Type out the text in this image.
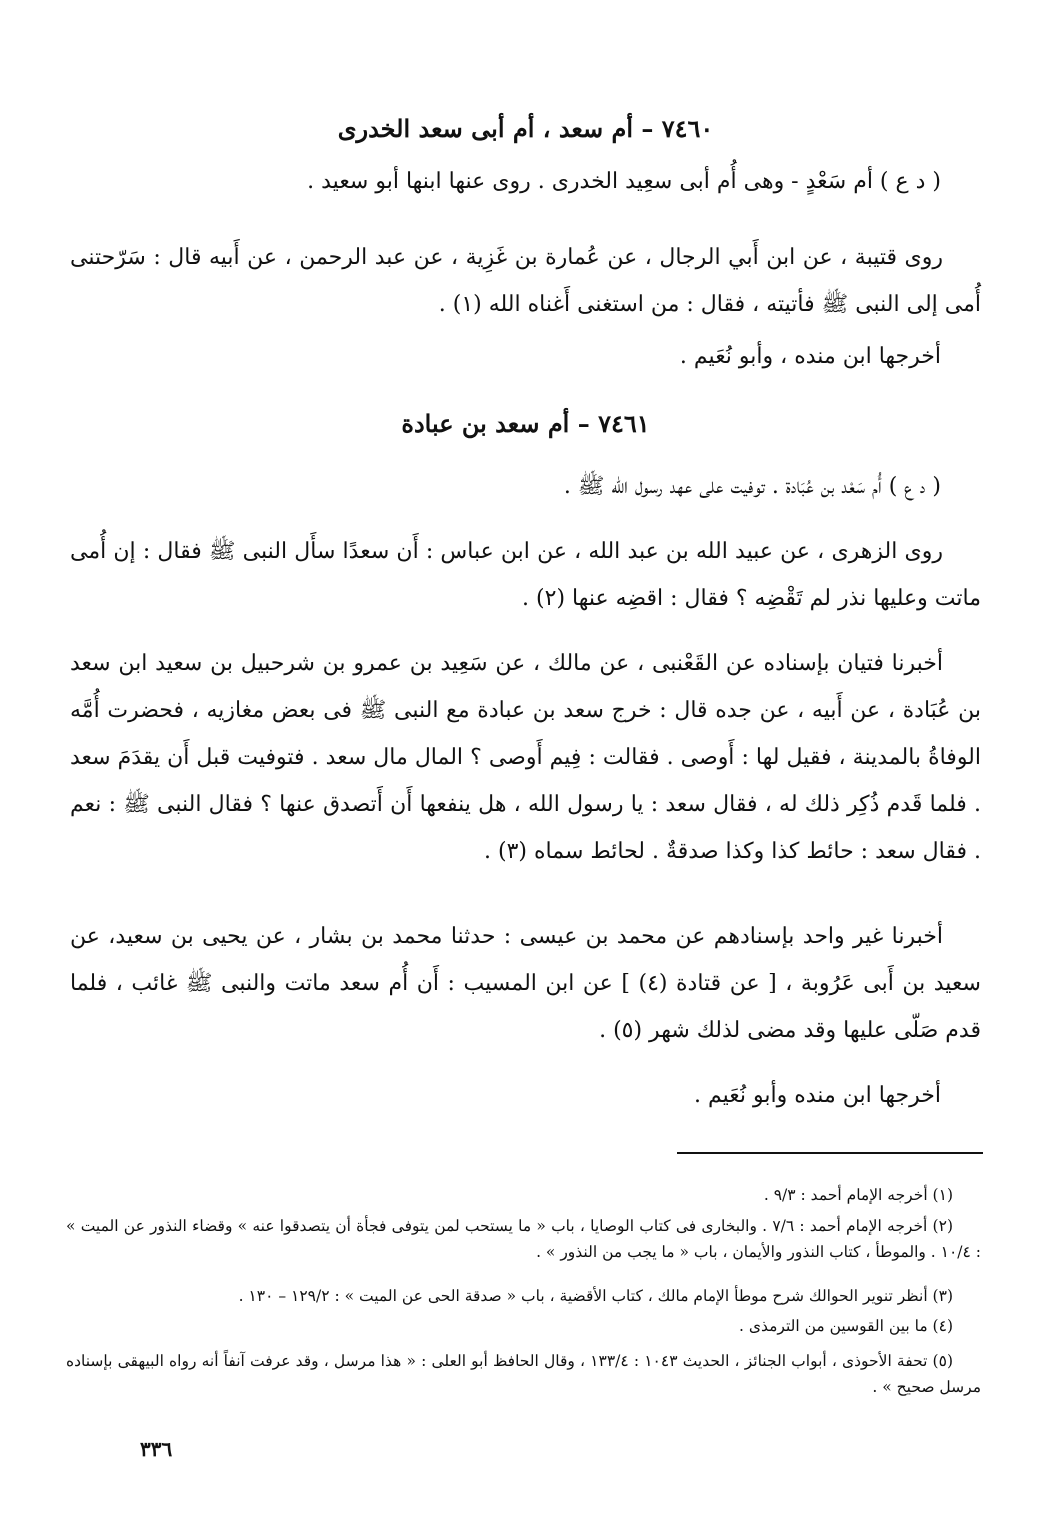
٧٤٦٠ – أم سعد ، أم أبى سعد الخدرى

( د ع ) أم سَعْدٍ - وهى أُم أبى سعِيد الخدرى . روى عنها ابنها أبو سعيد .

روى قتيبة ، عن ابن أَبي الرجال ، عن عُمارة بن غَزِية ، عن عبد الرحمن ، عن أَبيه قال : سَرّحتنى أُمى إلى النبى ﷺ فأتيته ، فقال : من استغنى أَغناه الله (١) .

أخرجها ابن منده ، وأبو نُعَيم .

٧٤٦١ – أم سعد بن عبادة

( د ع ) أُم سَعْد بن عُبَادة . توفيت على عهد رسول الله ﷺ .

روى الزهرى ، عن عبيد الله بن عبد الله ، عن ابن عباس : أَن سعدًا سأَل النبى ﷺ فقال : إن أُمى ماتت وعليها نذر لم تَقْضِه ؟ فقال : اقضِه عنها (٢) .

أخبرنا فتيان بإسناده عن القَعْنبى ، عن مالك ، عن سَعِيد بن عمرو بن شرحبيل بن سعيد ابن سعد بن عُبَادة ، عن أَبيه ، عن جده قال : خرج سعد بن عبادة مع النبى ﷺ فى بعض مغازيه ، فحضرت أُمَّه الوفاةُ بالمدينة ، فقيل لها : أَوصى . فقالت : فِيم أَوصى ؟ المال مال سعد . فتوفيت قبل أَن يقدَمَ سعد . فلما قَدم ذُكِر ذلك له ، فقال سعد : يا رسول الله ، هل ينفعها أَن أَتصدق عنها ؟ فقال النبى ﷺ : نعم . فقال سعد : حائط كذا وكذا صدقةٌ . لحائط سماه (٣) .

أخبرنا غير واحد بإسنادهم عن محمد بن عيسى : حدثنا محمد بن بشار ، عن يحيى بن سعيد، عن سعيد بن أَبى عَرُوبة ، [ عن قتادة (٤) ] عن ابن المسيب : أَن أُم سعد ماتت والنبى ﷺ غائب ، فلما قدم صَلّى عليها وقد مضى لذلك شهر (٥) .

أخرجها ابن منده وأبو نُعَيم .

(١) أخرجه الإمام أحمد : ٩/٣ .

(٢) أخرجه الإمام أحمد : ٧/٦ . والبخارى فى كتاب الوصايا ، باب « ما يستحب لمن يتوفى فجأة أن يتصدقوا عنه » وقضاء النذور عن الميت » : ١٠/٤ . والموطأ ، كتاب النذور والأيمان ، باب « ما يجب من النذور » .

(٣) أنظر تنوير الحوالك شرح موطأ الإمام مالك ، كتاب الأقضية ، باب « صدقة الحى عن الميت » : ١٢٩/٢ – ١٣٠ .

(٤) ما بين القوسين من الترمذى .

(٥) تحفة الأحوذى ، أبواب الجنائز ، الحديث ١٠٤٣ : ١٣٣/٤ ، وقال الحافظ أبو العلى : « هذا مرسل ، وقد عرفت آنفاً أنه رواه البيهقى بإسناده مرسل صحيح » .

٣٣٦
